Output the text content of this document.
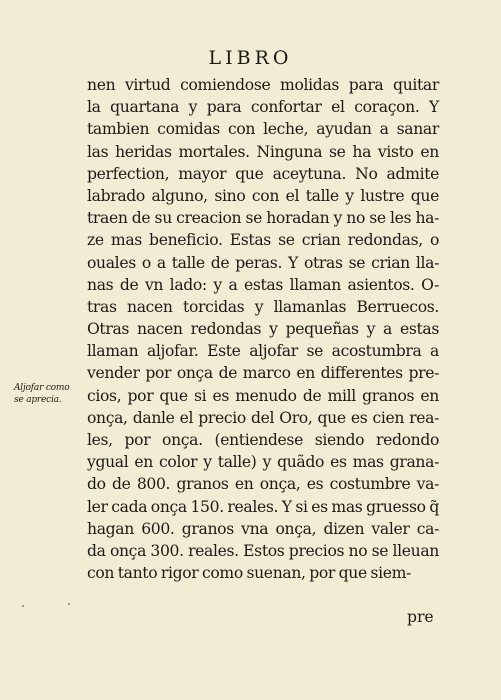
LIBRO
Aljofar como
se aprecia.
nen virtud comiendose molidas para quitar
la quartana y para confortar el coraçon. Y
tambien comidas con leche, ayudan a sanar
las heridas mortales. Ninguna se ha visto en
perfection, mayor que aceytuna. No admite
labrado alguno, sino con el talle y lustre que
traen de su creacion se horadan y no se les ha-
ze mas beneficio. Estas se crian redondas, o
ouales o a talle de peras. Y otras se crian lla-
nas de vn lado: y a estas llaman asientos. O-
tras nacen torcidas y llamanlas Berruecos.
Otras nacen redondas y pequeñas y a estas
llaman aljofar. Este aljofar se acostumbra a
vender por onça de marco en differentes pre-
cios, por que si es menudo de mill granos en
onça, danle el precio del Oro, que es cien rea-
les, por onça. (entiendese siendo redondo
ygual en color y talle) y quãdo es mas grana-
do de 800. granos en onça, es costumbre va-
ler cada onça 150. reales. Y si es mas gruesso q̃
hagan 600. granos vna onça, dizen valer ca-
da onça 300. reales. Estos precios no se lleuan
con tanto rigor como suenan, por que siem-
pre
